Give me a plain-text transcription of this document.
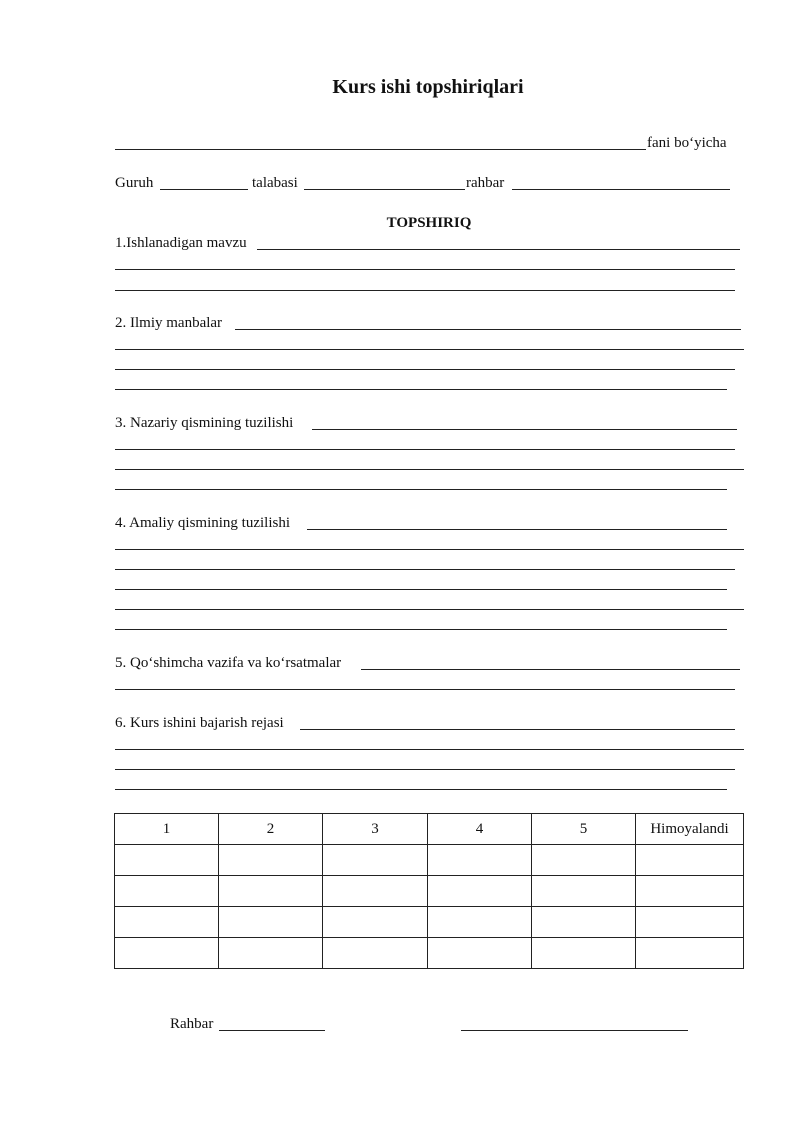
Kurs ishi topshiriqlari
fani bo‘yicha
Guruh	talabasi	rahbar
TOPSHIRIQ
1.Ishlanadigan mavzu
2. Ilmiy manbalar
3. Nazariy qismining tuzilishi
4. Amaliy qismining tuzilishi
5. Qo‘shimcha vazifa va ko‘rsatmalar
6. Kurs ishini bajarish rejasi
1	2	3	4	5	Himoyalandi

Rahbar
